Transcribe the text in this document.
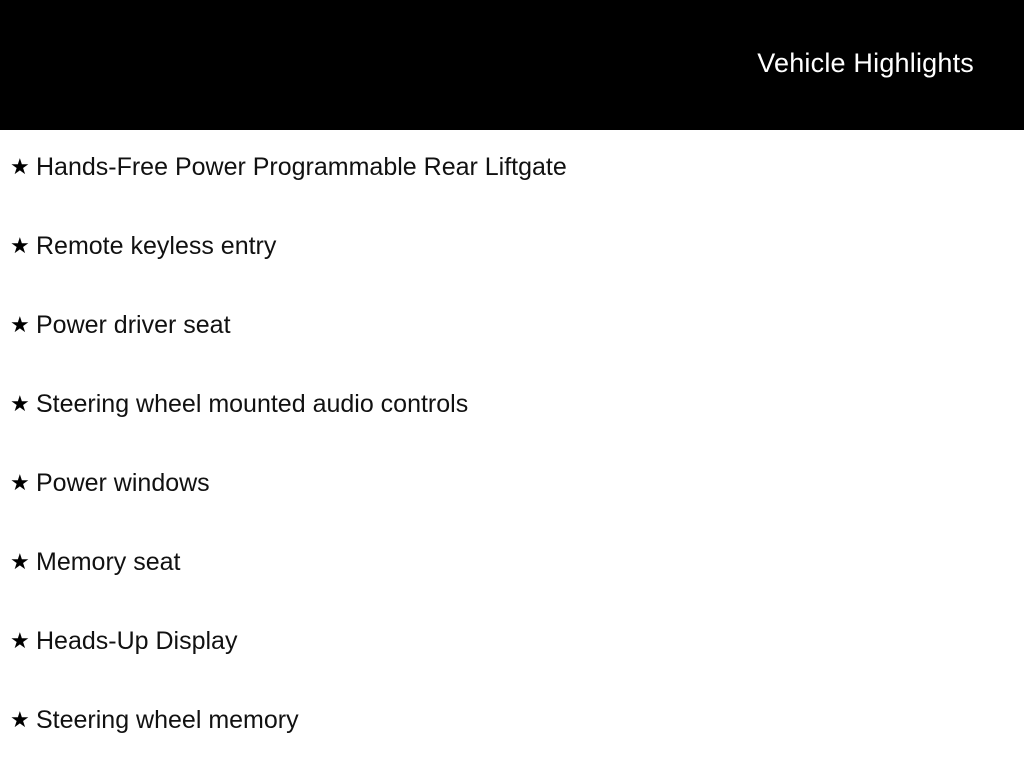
Vehicle Highlights
★ Hands-Free Power Programmable Rear Liftgate
★ Remote keyless entry
★ Power driver seat
★ Steering wheel mounted audio controls
★ Power windows
★ Memory seat
★ Heads-Up Display
★ Steering wheel memory
